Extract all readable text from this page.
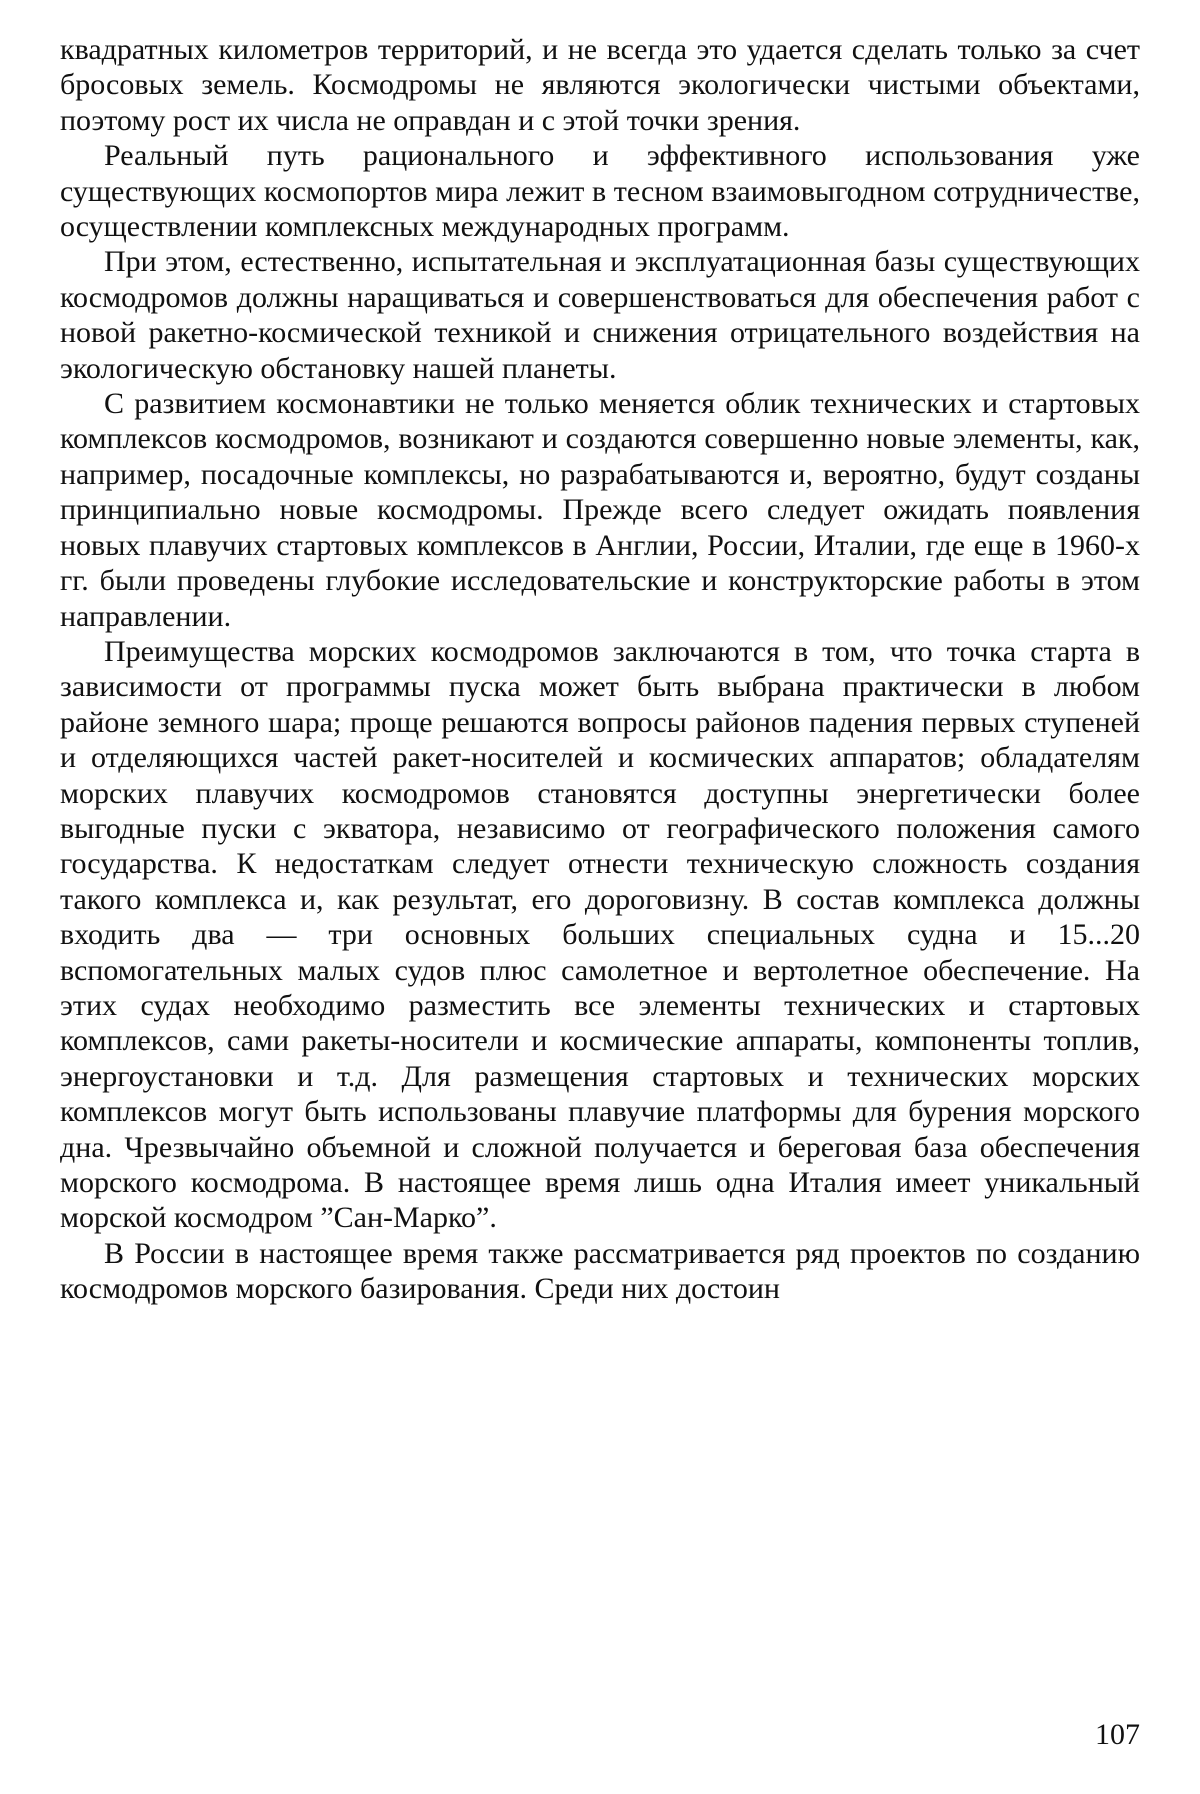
квадратных километров территорий, и не всегда это удается сделать только за счет бросовых земель. Космодромы не являются экологически чистыми объектами, поэтому рост их числа не оправдан и с этой точки зрения.

Реальный путь рационального и эффективного использования уже существующих космопортов мира лежит в тесном взаимовыгодном сотрудничестве, осуществлении комплексных международных программ.

При этом, естественно, испытательная и эксплуатационная базы существующих космодромов должны наращиваться и совершенствоваться для обеспечения работ с новой ракетно-космической техникой и снижения отрицательного воздействия на экологическую обстановку нашей планеты.

С развитием космонавтики не только меняется облик технических и стартовых комплексов космодромов, возникают и создаются совершенно новые элементы, как, например, посадочные комплексы, но разрабатываются и, вероятно, будут созданы принципиально новые космодромы. Прежде всего следует ожидать появления новых плавучих стартовых комплексов в Англии, России, Италии, где еще в 1960-х гг. были проведены глубокие исследовательские и конструкторские работы в этом направлении.

Преимущества морских космодромов заключаются в том, что точка старта в зависимости от программы пуска может быть выбрана практически в любом районе земного шара; проще решаются вопросы районов падения первых ступеней и отделяющихся частей ракет-носителей и космических аппаратов; обладателям морских плавучих космодромов становятся доступны энергетически более выгодные пуски с экватора, независимо от географического положения самого государства. К недостаткам следует отнести техническую сложность создания такого комплекса и, как результат, его дороговизну. В состав комплекса должны входить два — три основных больших специальных судна и 15...20 вспомогательных малых судов плюс самолетное и вертолетное обеспечение. На этих судах необходимо разместить все элементы технических и стартовых комплексов, сами ракеты-носители и космические аппараты, компоненты топлив, энергоустановки и т.д. Для размещения стартовых и технических морских комплексов могут быть использованы плавучие платформы для бурения морского дна. Чрезвычайно объемной и сложной получается и береговая база обеспечения морского космодрома. В настоящее время лишь одна Италия имеет уникальный морской космодром ”Сан-Марко”.

В России в настоящее время также рассматривается ряд проектов по созданию космодромов морского базирования. Среди них достоин

107
